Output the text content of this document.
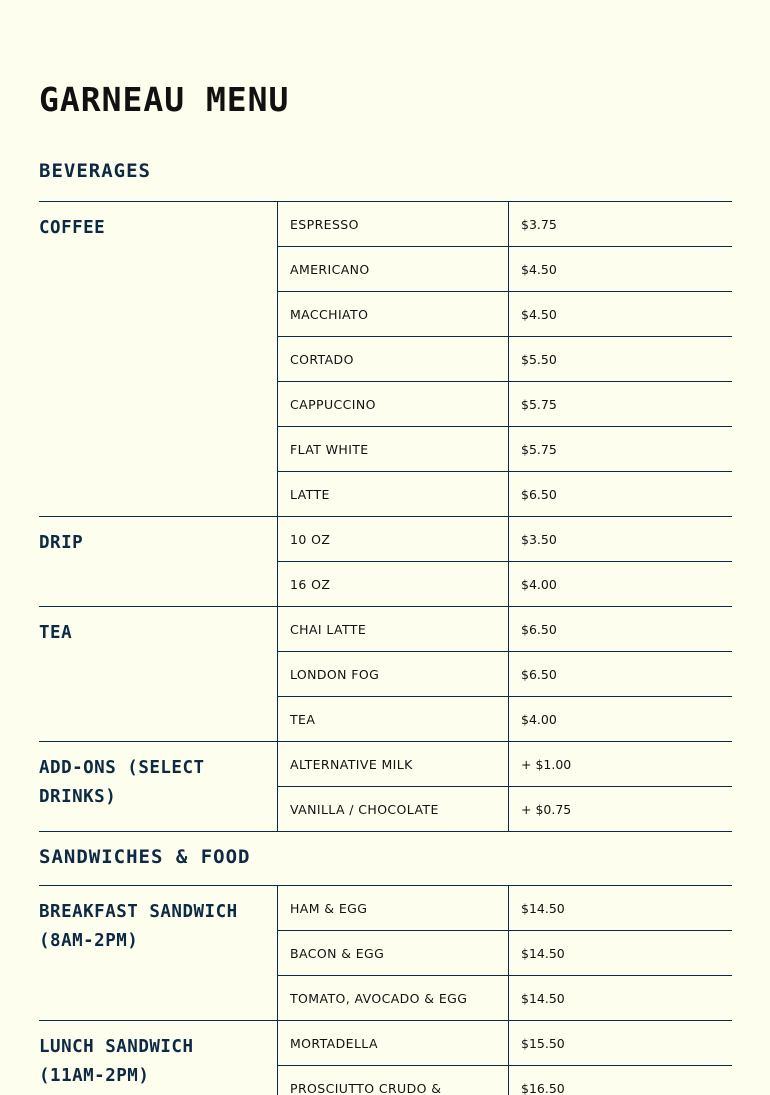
GARNEAU MENU
BEVERAGES
COFFEE	ESPRESSO	$3.75
	AMERICANO	$4.50
	MACCHIATO	$4.50
	CORTADO	$5.50
	CAPPUCCINO	$5.75
	FLAT WHITE	$5.75
	LATTE	$6.50
DRIP	10 OZ	$3.50
	16 OZ	$4.00
TEA	CHAI LATTE	$6.50
	LONDON FOG	$6.50
	TEA	$4.00
ADD-ONS (SELECT DRINKS)	ALTERNATIVE MILK	+ $1.00
	VANILLA / CHOCOLATE	+ $0.75
SANDWICHES & FOOD
BREAKFAST SANDWICH (8AM-2PM)	HAM & EGG	$14.50
	BACON & EGG	$14.50
	TOMATO, AVOCADO & EGG	$14.50
LUNCH SANDWICH (11AM-2PM)	MORTADELLA	$15.50
	PROSCIUTTO CRUDO &	$16.50
